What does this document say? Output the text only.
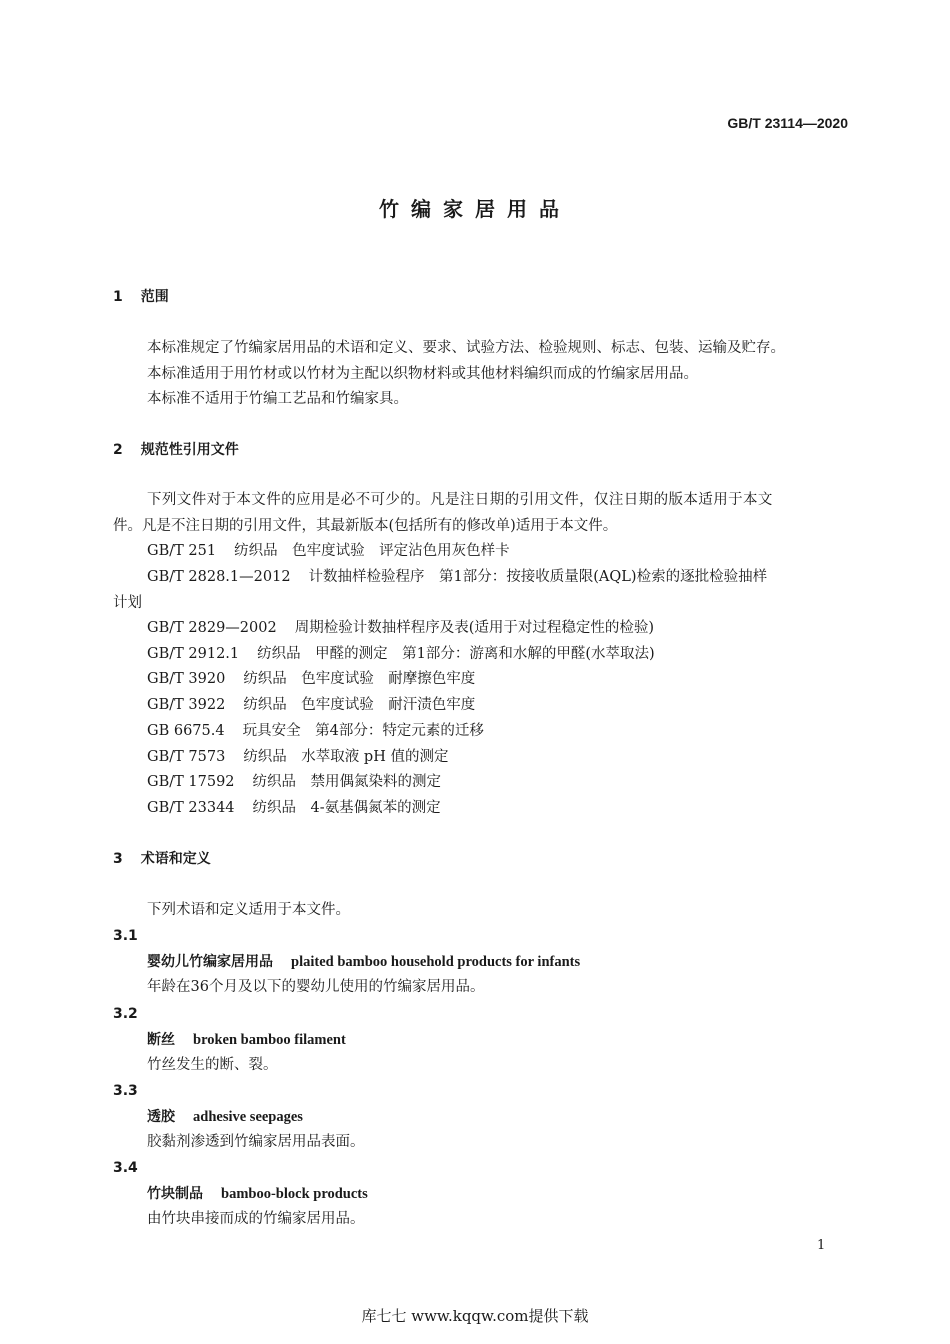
GB/T 23114—2020
竹编家居用品
1 范围
本标准规定了竹编家居用品的术语和定义、要求、试验方法、检验规则、标志、包装、运输及贮存。
本标准适用于用竹材或以竹材为主配以织物材料或其他材料编织而成的竹编家居用品。
本标准不适用于竹编工艺品和竹编家具。
2 规范性引用文件
下列文件对于本文件的应用是必不可少的。凡是注日期的引用文件，仅注日期的版本适用于本文
件。凡是不注日期的引用文件，其最新版本(包括所有的修改单)适用于本文件。
GB/T 251 纺织品　色牢度试验　评定沾色用灰色样卡
GB/T 2828.1—2012 计数抽样检验程序　第1部分：按接收质量限(AQL)检索的逐批检验抽样
计划
GB/T 2829—2002 周期检验计数抽样程序及表(适用于对过程稳定性的检验)
GB/T 2912.1 纺织品　甲醛的测定　第1部分：游离和水解的甲醛(水萃取法)
GB/T 3920 纺织品　色牢度试验　耐摩擦色牢度
GB/T 3922 纺织品　色牢度试验　耐汗渍色牢度
GB 6675.4 玩具安全　第4部分：特定元素的迁移
GB/T 7573 纺织品　水萃取液 pH 值的测定
GB/T 17592 纺织品　禁用偶氮染料的测定
GB/T 23344 纺织品　4-氨基偶氮苯的测定
3 术语和定义
下列术语和定义适用于本文件。
3.1
婴幼儿竹编家居用品 plaited bamboo household products for infants
年龄在36个月及以下的婴幼儿使用的竹编家居用品。
3.2
断丝 broken bamboo filament
竹丝发生的断、裂。
3.3
透胶 adhesive seepages
胶黏剂渗透到竹编家居用品表面。
3.4
竹块制品 bamboo-block products
由竹块串接而成的竹编家居用品。
1
库七七 www.kqqw.com提供下载
